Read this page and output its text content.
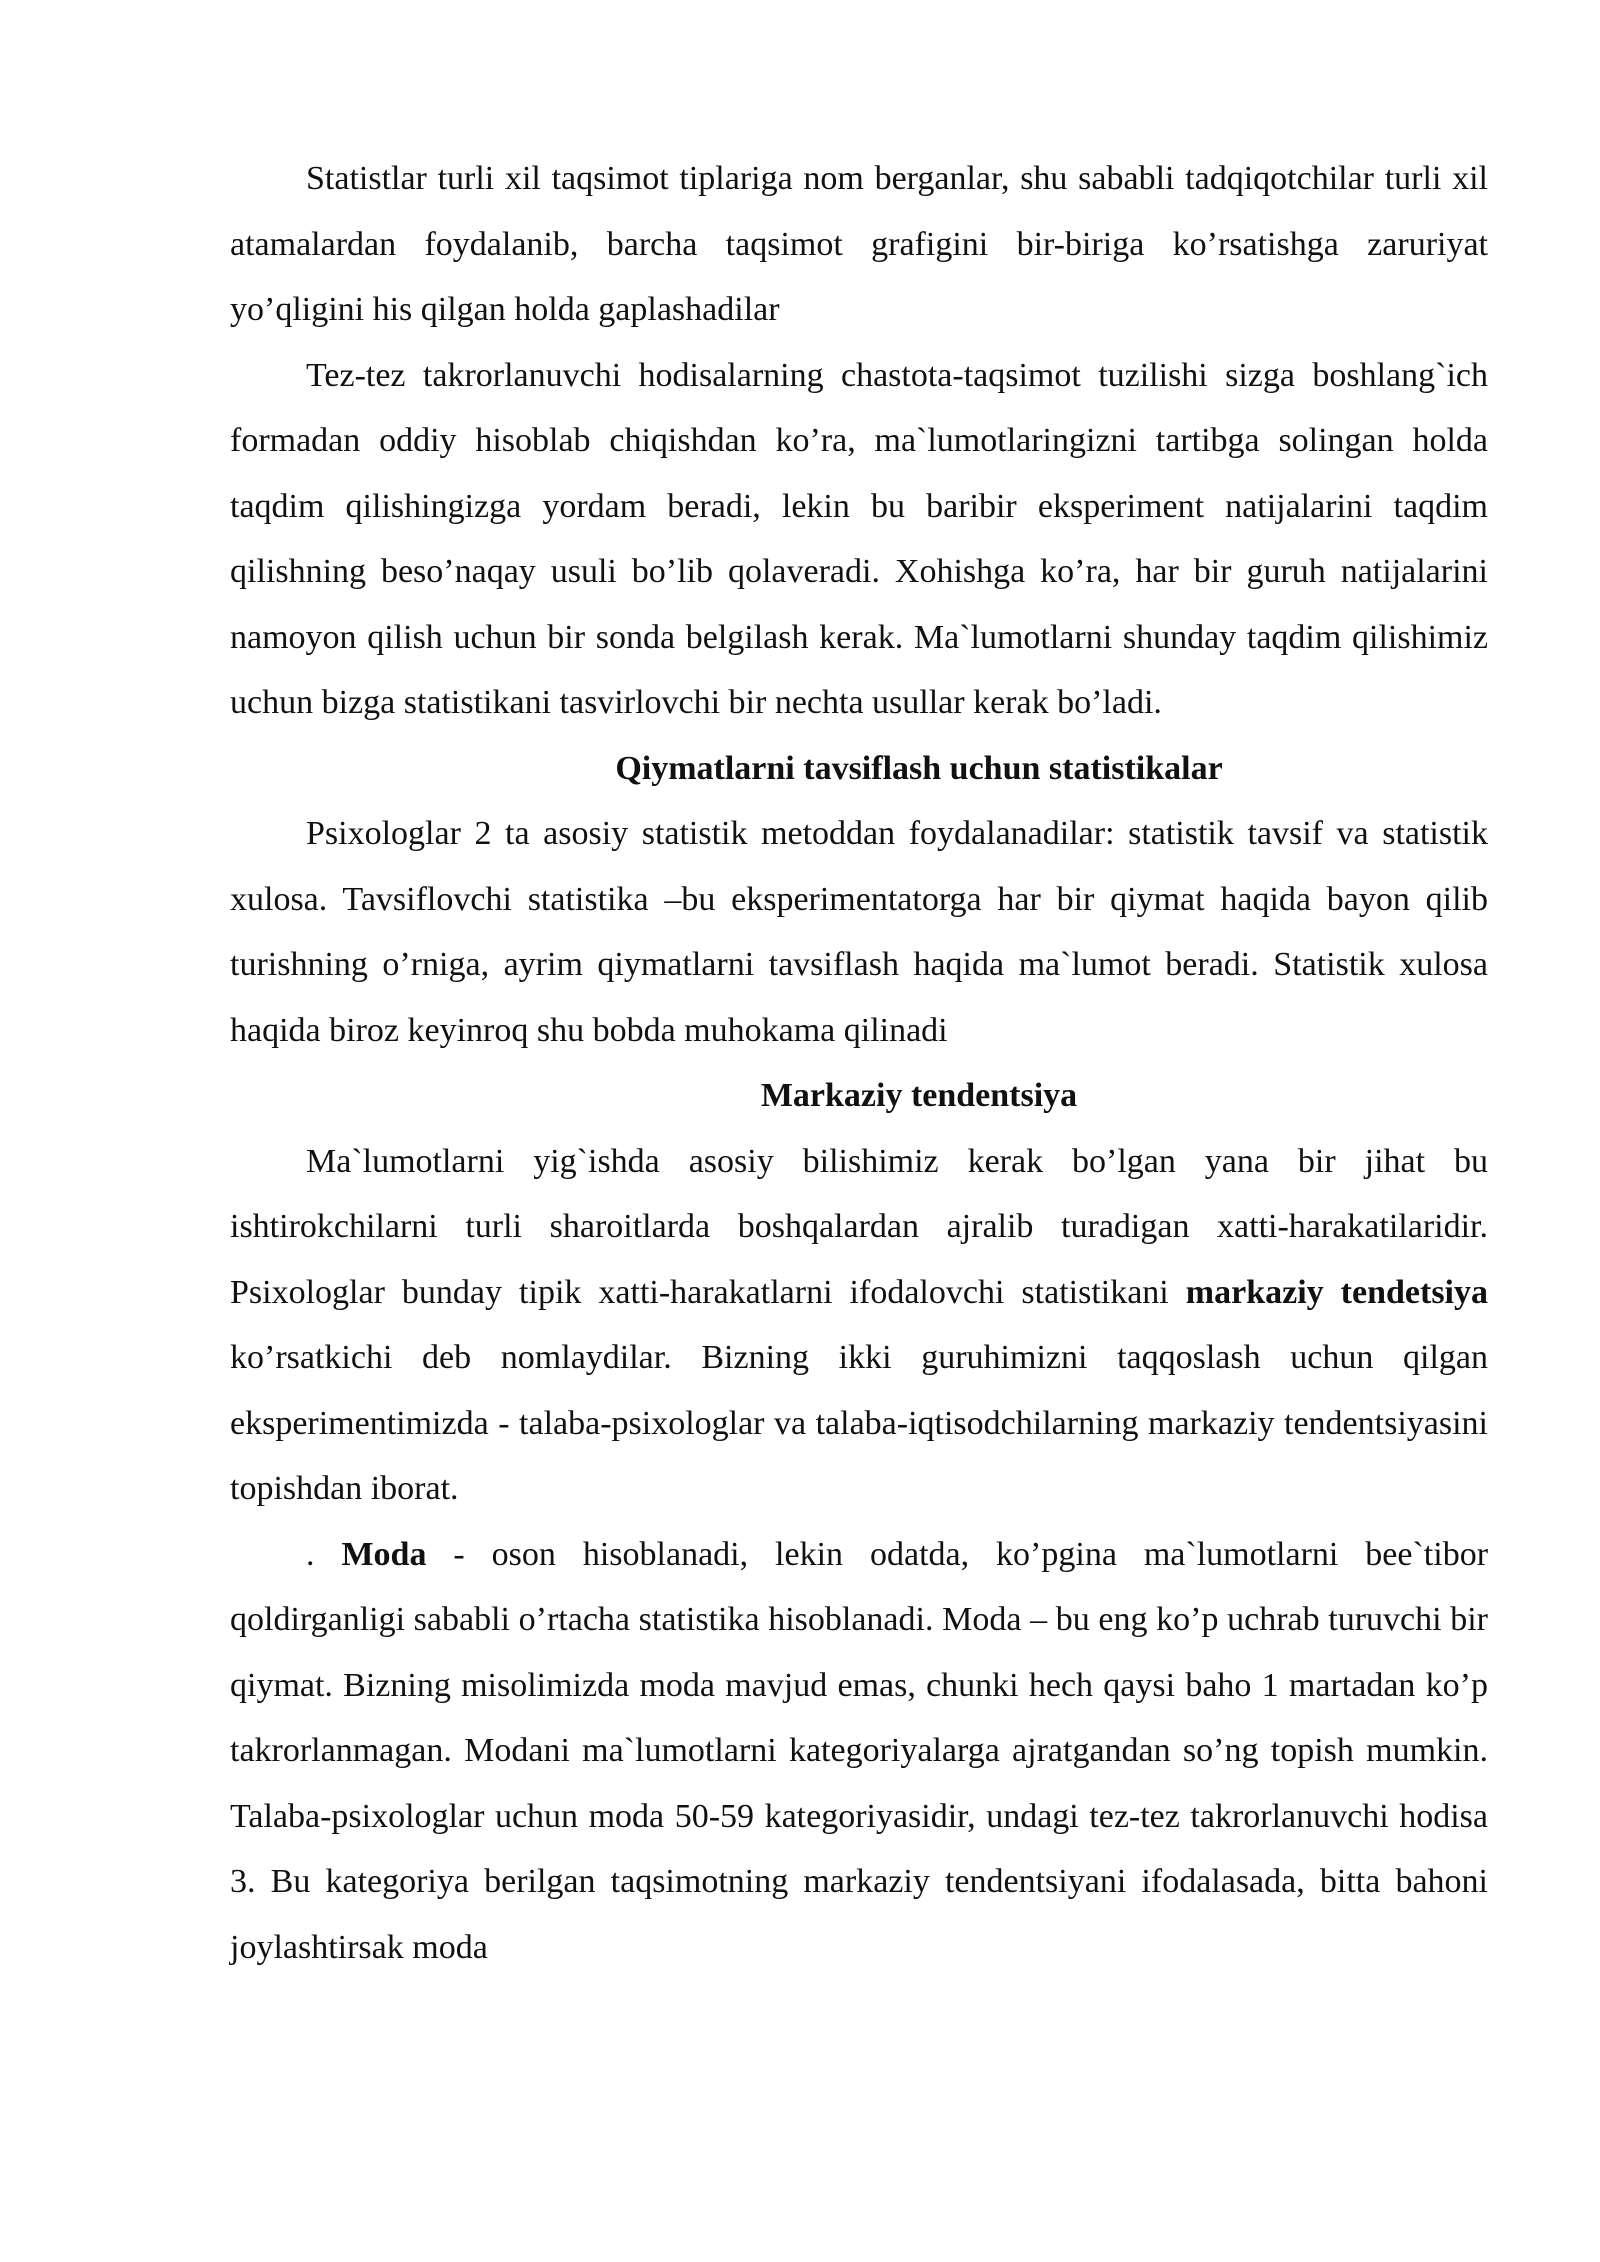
Statistlar turli xil taqsimot tiplariga nom berganlar, shu sababli tadqiqotchilar turli xil atamalardan foydalanib, barcha taqsimot grafigini bir-biriga ko’rsatishga zaruriyat yo’qligini his qilgan holda gaplashadilar

Tez-tez takrorlanuvchi hodisalarning chastota-taqsimot tuzilishi sizga boshlang`ich formadan oddiy hisoblab chiqishdan ko’ra, ma`lumotlaringizni tartibga solingan holda taqdim qilishingizga yordam beradi, lekin bu baribir eksperiment natijalarini taqdim qilishning beso’naqay usuli bo’lib qolaveradi. Xohishga ko’ra, har bir guruh natijalarini namoyon qilish uchun bir sonda belgilash kerak. Ma`lumotlarni shunday taqdim qilishimiz uchun bizga statistikani tasvirlovchi bir nechta usullar kerak bo’ladi.

Qiymatlarni tavsiflash uchun statistikalar

Psixologlar 2 ta asosiy statistik metoddan foydalanadilar: statistik tavsif va statistik xulosa. Tavsiflovchi statistika –bu eksperimentatorga har bir qiymat haqida bayon qilib turishning o’rniga, ayrim qiymatlarni tavsiflash haqida ma`lumot beradi. Statistik xulosa haqida biroz keyinroq shu bobda muhokama qilinadi

Markaziy tendentsiya

Ma`lumotlarni yig`ishda asosiy bilishimiz kerak bo’lgan yana bir jihat bu ishtirokchilarni turli sharoitlarda boshqalardan ajralib turadigan xatti-harakatilaridir. Psixologlar bunday tipik xatti-harakatlarni ifodalovchi statistikani markaziy tendetsiya ko’rsatkichi deb nomlaydilar. Bizning ikki guruhimizni taqqoslash uchun qilgan eksperimentimizda - talaba-psixologlar va talaba-iqtisodchilarning markaziy tendentsiyasini topishdan iborat.

. Moda - oson hisoblanadi, lekin odatda, ko’pgina ma`lumotlarni bee`tibor qoldirganligi sababli o’rtacha statistika hisoblanadi. Moda – bu eng ko’p uchrab turuvchi bir qiymat. Bizning misolimizda moda mavjud emas, chunki hech qaysi baho 1 martadan ko’p takrorlanmagan. Modani ma`lumotlarni kategoriyalarga ajratgandan so’ng topish mumkin. Talaba-psixologlar uchun moda 50-59 kategoriyasidir, undagi tez-tez takrorlanuvchi hodisa 3. Bu kategoriya berilgan taqsimotning markaziy tendentsiyani ifodalasada, bitta bahoni joylashtirsak moda
